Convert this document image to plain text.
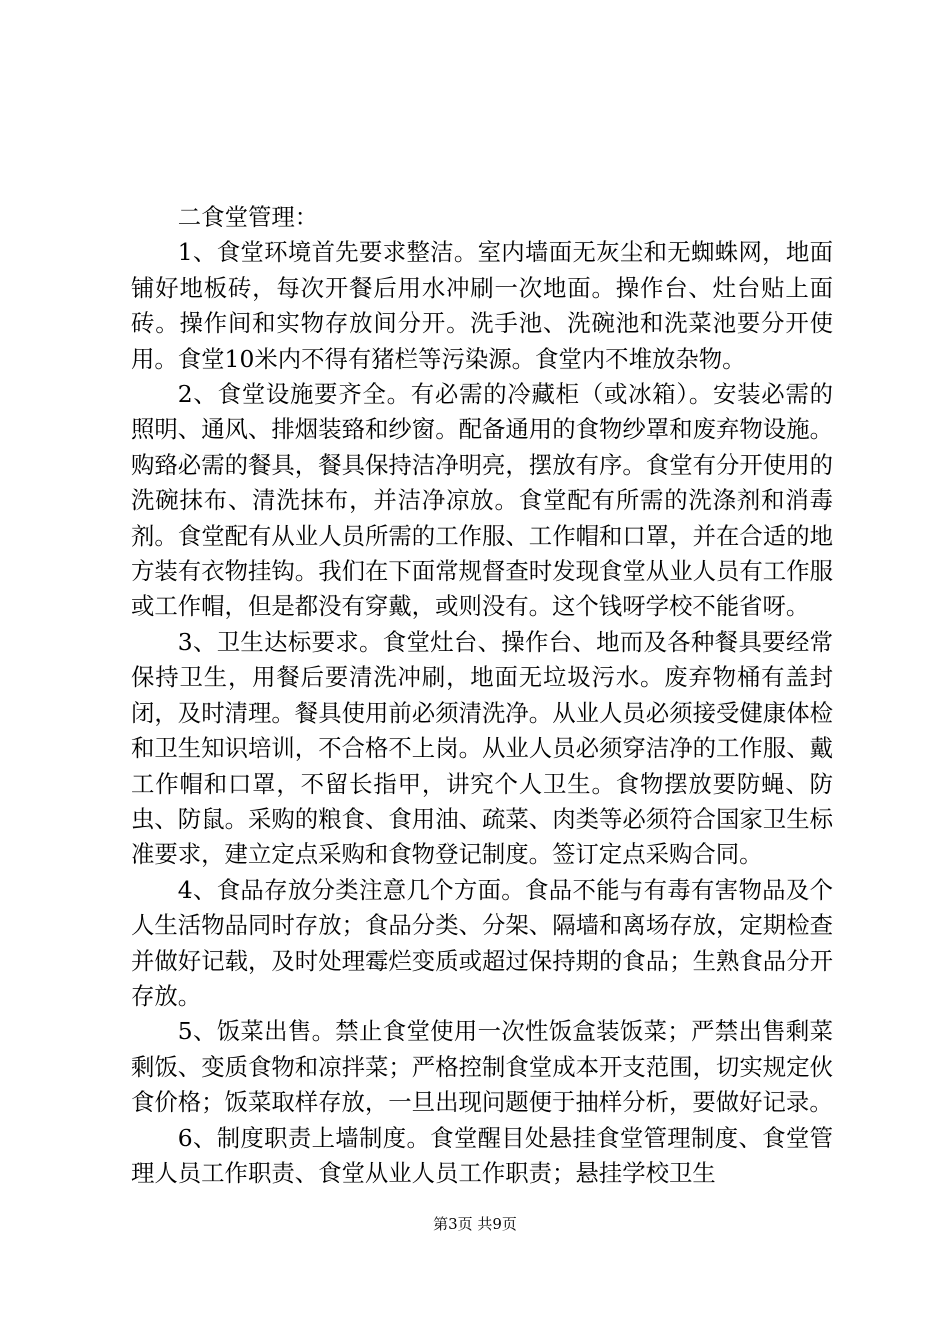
二食堂管理：

1、食堂环境首先要求整洁。室内墙面无灰尘和无蜘蛛网，地面铺好地板砖，每次开餐后用水冲刷一次地面。操作台、灶台贴上面砖。操作间和实物存放间分开。洗手池、洗碗池和洗菜池要分开使用。食堂10米内不得有猪栏等污染源。食堂内不堆放杂物。

2、食堂设施要齐全。有必需的冷藏柜（或冰箱）。安装必需的照明、通风、排烟装臵和纱窗。配备通用的食物纱罩和废弃物设施。购臵必需的餐具，餐具保持洁净明亮，摆放有序。食堂有分开使用的洗碗抹布、清洗抹布，并洁净凉放。食堂配有所需的洗涤剂和消毒剂。食堂配有从业人员所需的工作服、工作帽和口罩，并在合适的地方装有衣物挂钩。我们在下面常规督查时发现食堂从业人员有工作服或工作帽，但是都没有穿戴，或则没有。这个钱呀学校不能省呀。

3、卫生达标要求。食堂灶台、操作台、地而及各种餐具要经常保持卫生，用餐后要清洗冲刷，地面无垃圾污水。废弃物桶有盖封闭，及时清理。餐具使用前必须清洗净。从业人员必须接受健康体检和卫生知识培训，不合格不上岗。从业人员必须穿洁净的工作服、戴工作帽和口罩，不留长指甲，讲究个人卫生。食物摆放要防蝇、防虫、防鼠。采购的粮食、食用油、疏菜、肉类等必须符合国家卫生标准要求，建立定点采购和食物登记制度。签订定点采购合同。

4、食品存放分类注意几个方面。食品不能与有毒有害物品及个人生活物品同时存放；食品分类、分架、隔墙和离场存放，定期检查并做好记载，及时处理霉烂变质或超过保持期的食品；生熟食品分开存放。

5、饭菜出售。禁止食堂使用一次性饭盒装饭菜；严禁出售剩菜剩饭、变质食物和凉拌菜；严格控制食堂成本开支范围，切实规定伙食价格；饭菜取样存放，一旦出现问题便于抽样分析，要做好记录。

6、制度职责上墙制度。食堂醒目处悬挂食堂管理制度、食堂管理人员工作职责、食堂从业人员工作职责；悬挂学校卫生

第3页 共9页
